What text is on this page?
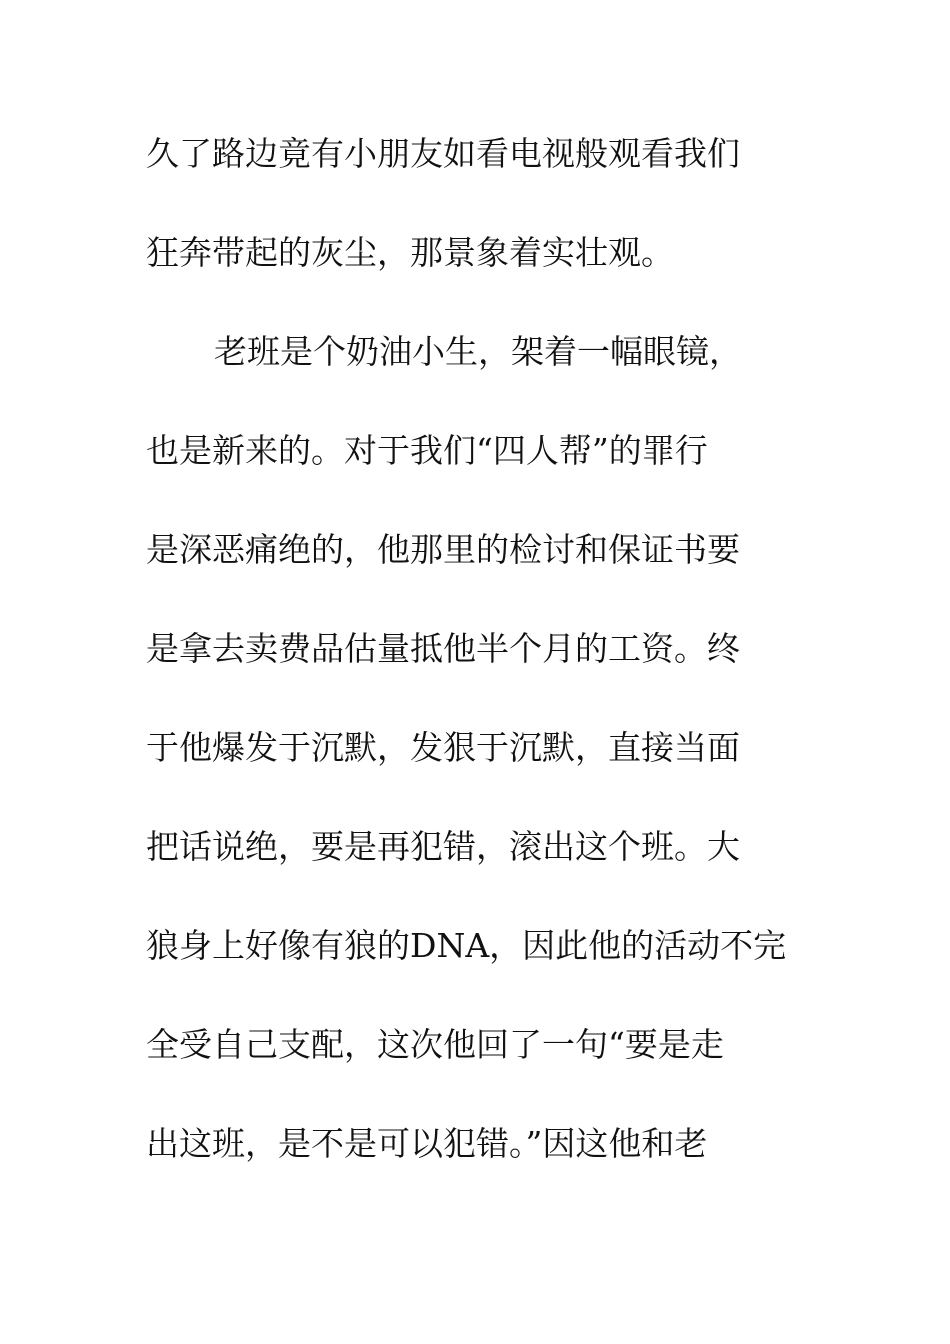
久了路边竟有小朋友如看电视般观看我们
狂奔带起的灰尘，那景象着实壮观。
老班是个奶油小生，架着一幅眼镜，
也是新来的。对于我们“四人帮”的罪行
是深恶痛绝的，他那里的检讨和保证书要
是拿去卖费品估量抵他半个月的工资。终
于他爆发于沉默，发狠于沉默，直接当面
把话说绝，要是再犯错，滚出这个班。大
狼身上好像有狼的DNA，因此他的活动不完
全受自己支配，这次他回了一句“要是走
出这班，是不是可以犯错。”因这他和老
